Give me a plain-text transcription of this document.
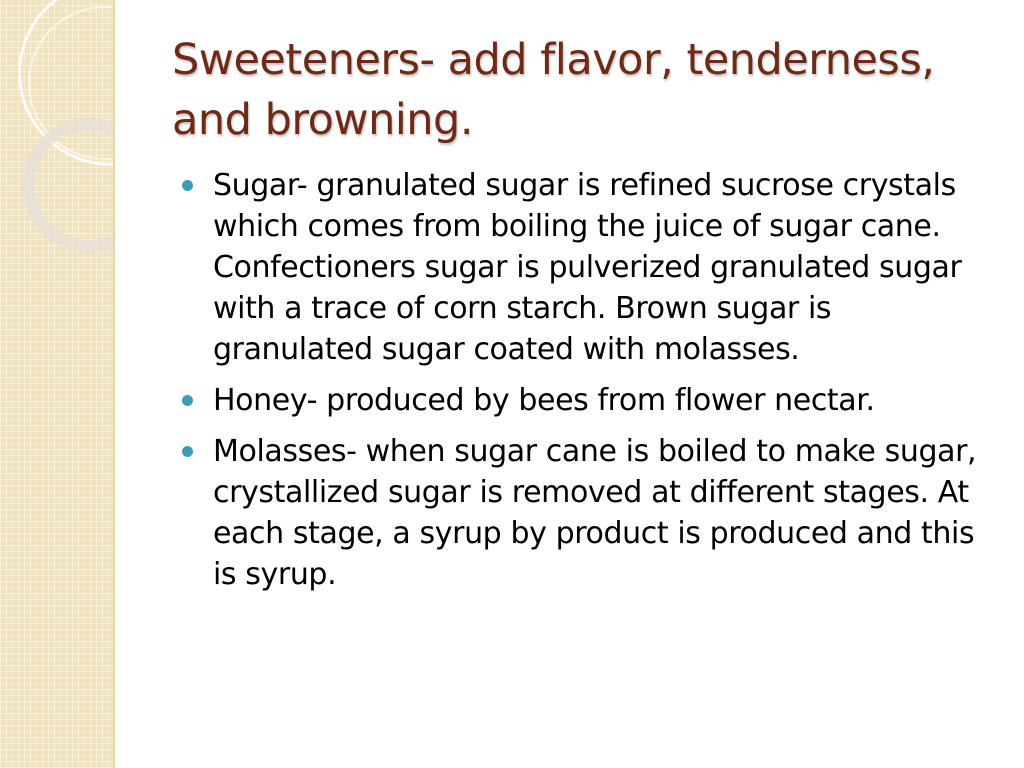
Sweeteners- add flavor, tenderness, and browning.
Sugar- granulated sugar is refined sucrose crystals which comes from boiling the juice of sugar cane. Confectioners sugar is pulverized granulated sugar with a trace of corn starch. Brown sugar is granulated sugar coated with molasses.
Honey- produced by bees from flower nectar.
Molasses- when sugar cane is boiled to make sugar, crystallized sugar is removed at different stages. At each stage, a syrup by product is produced and this is syrup.
